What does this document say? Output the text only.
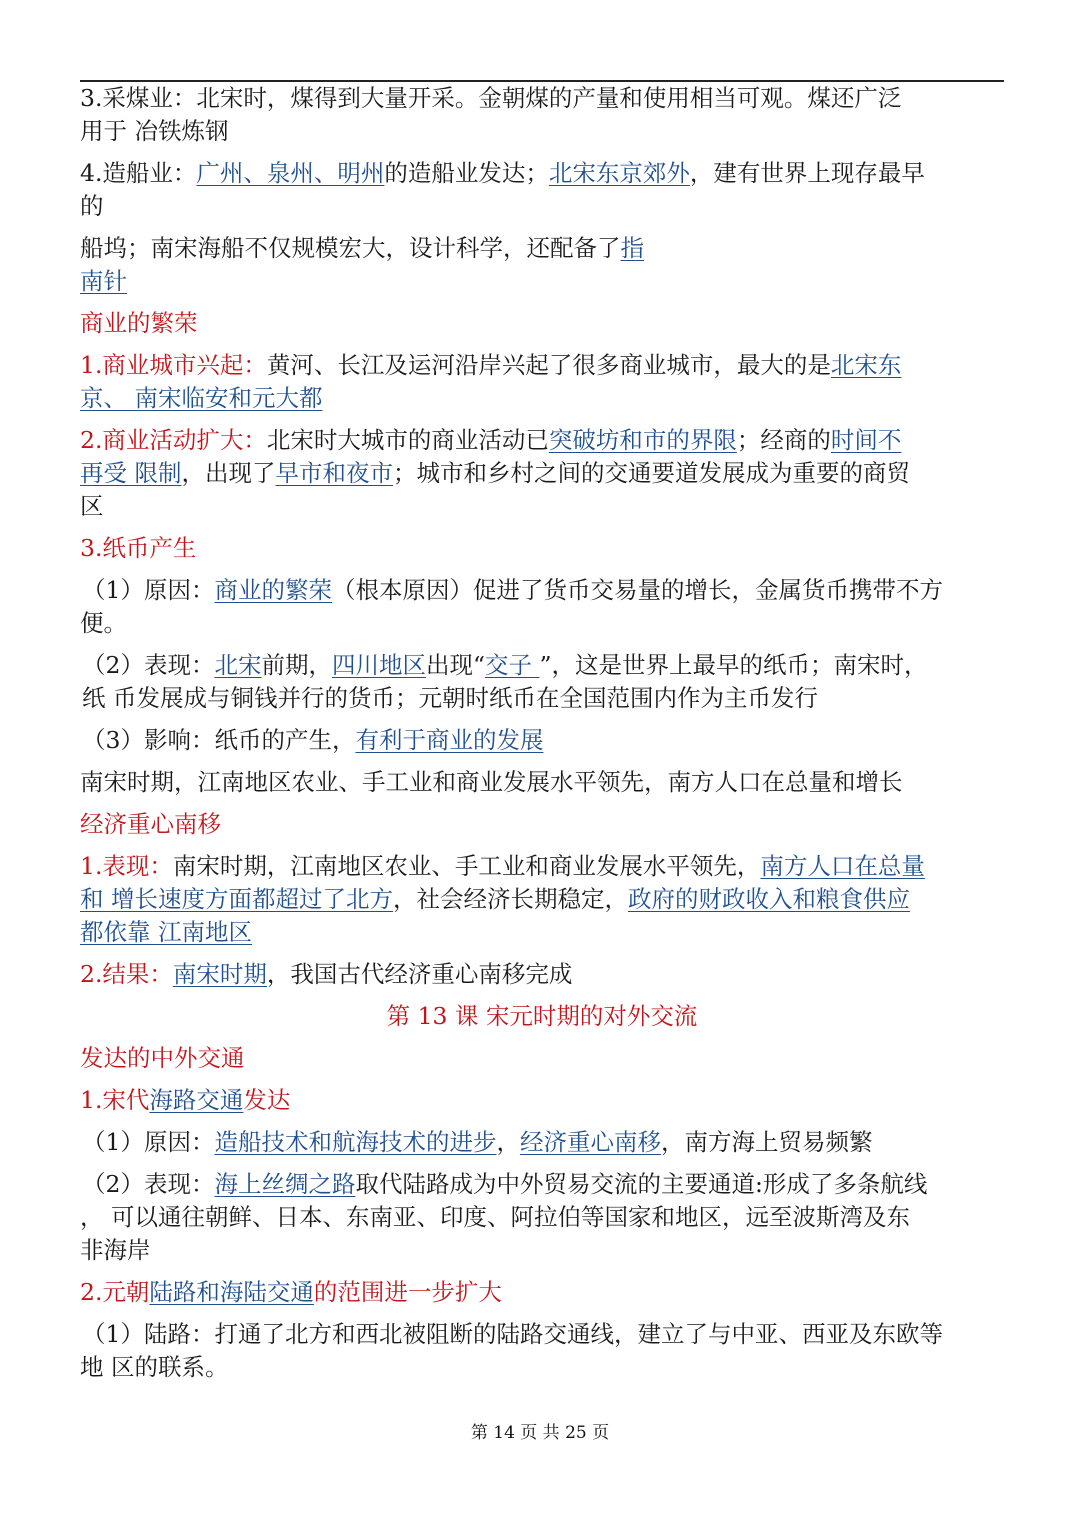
3.采煤业：北宋时，煤得到大量开采。金朝煤的产量和使用相当可观。煤还广泛

用于 冶铁炼钢

4.造船业：广州、泉州、明州的造船业发达；北宋东京郊外，建有世界上现存最早

的

船坞；南宋海船不仅规模宏大，设计科学，还配备了指

南针

商业的繁荣

1.商业城市兴起：黄河、长江及运河沿岸兴起了很多商业城市，最大的是北宋东

京、 南宋临安和元大都

2.商业活动扩大：北宋时大城市的商业活动已突破坊和市的界限；经商的时间不

再受 限制，出现了早市和夜市；城市和乡村之间的交通要道发展成为重要的商贸

区

3.纸币产生

（1）原因：商业的繁荣（根本原因）促进了货币交易量的增长，金属货币携带不方

便。

（2）表现：北宋前期，四川地区出现“交子 ”，这是世界上最早的纸币；南宋时，

纸 币发展成与铜钱并行的货币；元朝时纸币在全国范围内作为主币发行

（3）影响：纸币的产生，有利于商业的发展

南宋时期，江南地区农业、手工业和商业发展水平领先，南方人口在总量和增长

经济重心南移

1.表现：南宋时期，江南地区农业、手工业和商业发展水平领先，南方人口在总量

和 增长速度方面都超过了北方，社会经济长期稳定，政府的财政收入和粮食供应

都依靠 江南地区

2.结果：南宋时期，我国古代经济重心南移完成

第 13 课 宋元时期的对外交流

发达的中外交通

1.宋代海路交通发达

（1）原因：造船技术和航海技术的进步，经济重心南移，南方海上贸易频繁

（2）表现：海上丝绸之路取代陆路成为中外贸易交流的主要通道:形成了多条航线

， 可以通往朝鲜、日本、东南亚、印度、阿拉伯等国家和地区，远至波斯湾及东

非海岸

2.元朝陆路和海陆交通的范围进一步扩大

（1）陆路：打通了北方和西北被阻断的陆路交通线，建立了与中亚、西亚及东欧等

地 区的联系。

第 14 页 共 25 页
